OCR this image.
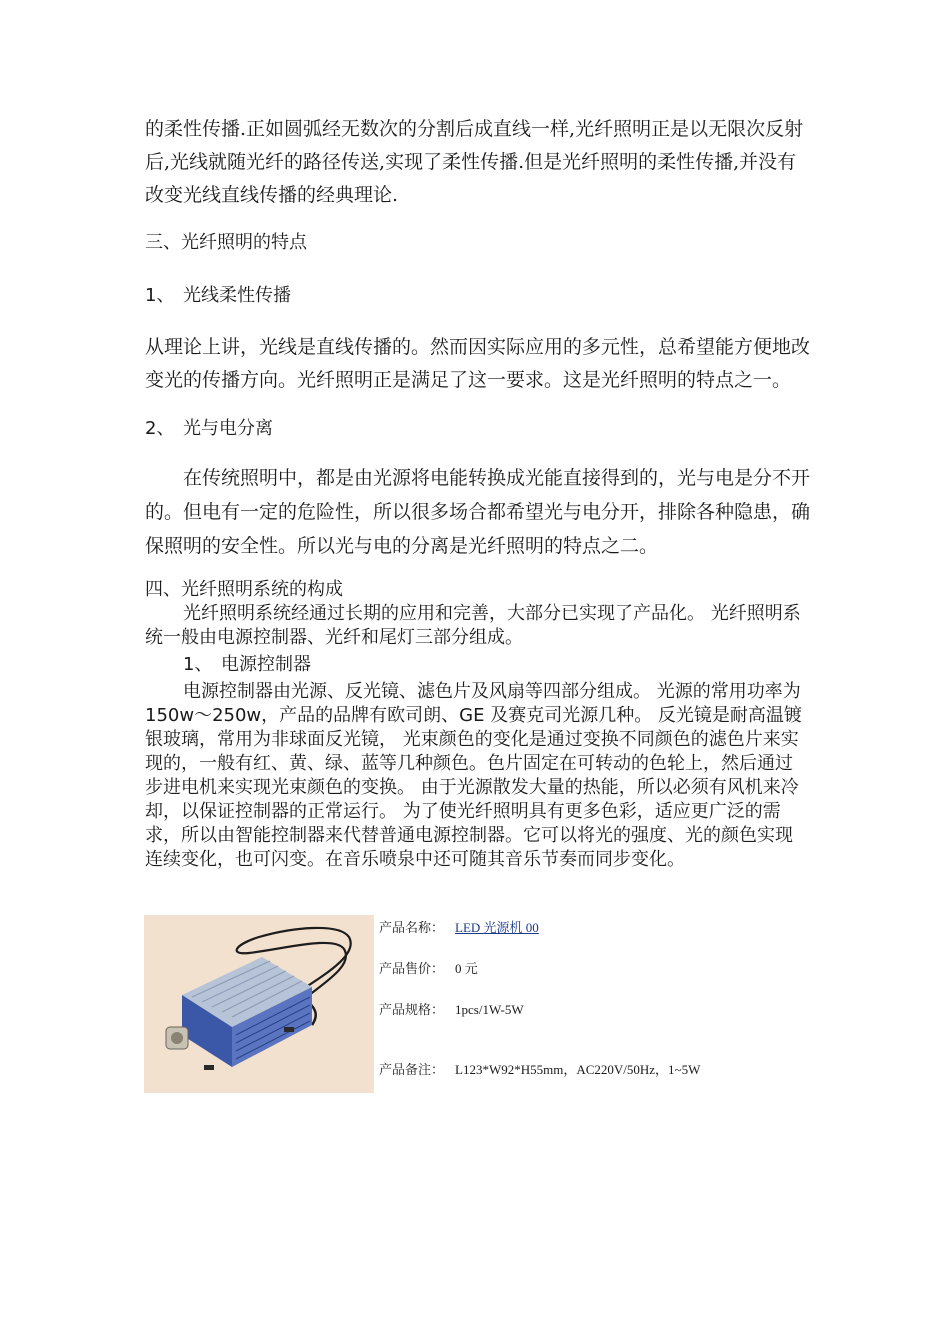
的柔性传播.正如圆弧经无数次的分割后成直线一样,光纤照明正是以无限次反射后,光线就随光纤的路径传送,实现了柔性传播.但是光纤照明的柔性传播,并没有改变光线直线传播的经典理论.

三、光纤照明的特点

1、 光线柔性传播

从理论上讲，光线是直线传播的。然而因实际应用的多元性，总希望能方便地改变光的传播方向。光纤照明正是满足了这一要求。这是光纤照明的特点之一。

2、 光与电分离

在传统照明中，都是由光源将电能转换成光能直接得到的，光与电是分不开的。但电有一定的危险性，所以很多场合都希望光与电分开，排除各种隐患，确保照明的安全性。所以光与电的分离是光纤照明的特点之二。

四、光纤照明系统的构成

光纤照明系统经通过长期的应用和完善，大部分已实现了产品化。 光纤照明系统一般由电源控制器、光纤和尾灯三部分组成。

1、 电源控制器

电源控制器由光源、反光镜、滤色片及风扇等四部分组成。 光源的常用功率为 150w～250w，产品的品牌有欧司朗、GE 及赛克司光源几种。 反光镜是耐高温镀银玻璃，常用为非球面反光镜， 光束颜色的变化是通过变换不同颜色的滤色片来实现的，一般有红、黄、绿、蓝等几种颜色。色片固定在可转动的色轮上，然后通过步进电机来实现光束颜色的变换。 由于光源散发大量的热能，所以必须有风机来冷却，以保证控制器的正常运行。 为了使光纤照明具有更多色彩，适应更广泛的需求，所以由智能控制器来代替普通电源控制器。它可以将光的强度、光的颜色实现连续变化，也可闪变。在音乐喷泉中还可随其音乐节奏而同步变化。

产品名称： LED 光源机 00

产品售价： 0 元

产品规格： 1pcs/1W-5W

产品备注： L123*W92*H55mm，AC220V/50Hz，1~5W
